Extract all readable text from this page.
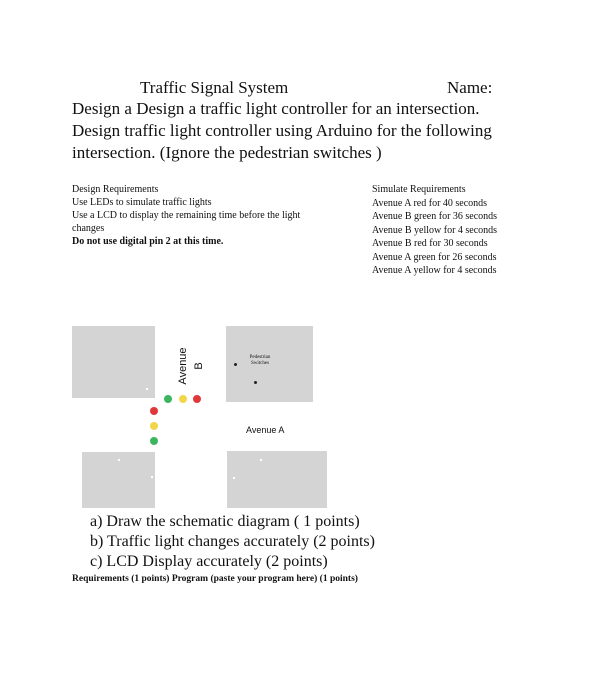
Traffic Signal System	Name:
Design a Design a traffic light controller for an intersection.
Design traffic light controller using Arduino for the following
intersection. (Ignore the pedestrian switches )
Design Requirements
Use LEDs to simulate traffic lights
Use a LCD to display the remaining time before the light
changes
Do not use digital pin 2 at this time.
Simulate Requirements
Avenue A red for 40 seconds
Avenue B green for 36 seconds
Avenue B yellow for 4 seconds
Avenue B red for 30 seconds
Avenue A green for 26 seconds
Avenue A yellow for 4 seconds
Pedestrian
Switches
Avenue B
Avenue A
a) Draw the schematic diagram ( 1 points)
b) Traffic light changes accurately (2 points)
c) LCD Display accurately (2 points)
Requirements (1 points) Program (paste your program here) (1 points)
